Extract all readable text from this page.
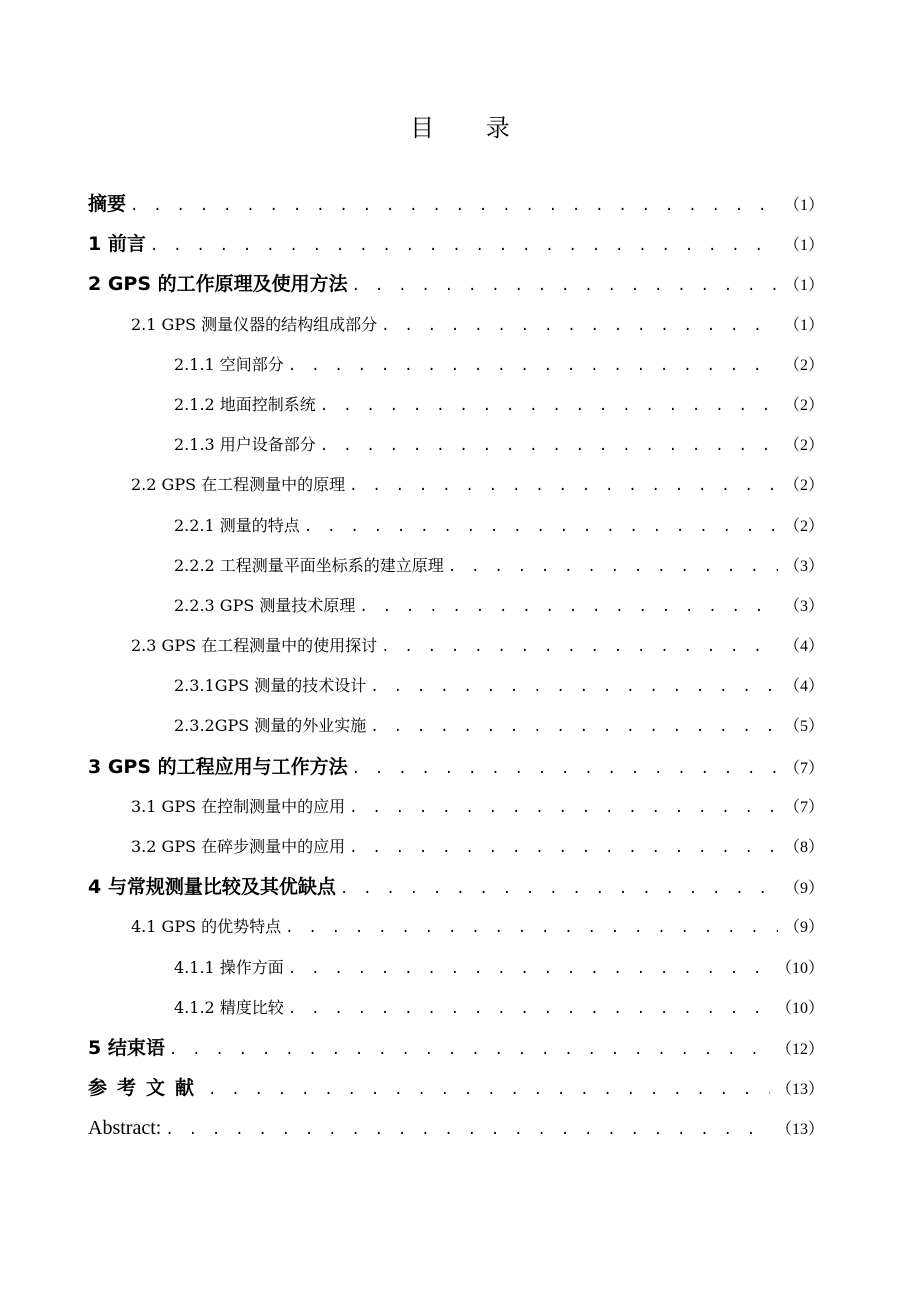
目 录
摘要 . . .	（1）
1 前言 . . .	（1）
2 GPS 的工作原理及使用方法 . . .	（1）
2.1 GPS 测量仪器的结构组成部分 . . .	（1）
2.1.1 空间部分 . . .	（2）
2.1.2 地面控制系统 . . .	（2）
2.1.3 用户设备部分 . . .	（2）
2.2 GPS 在工程测量中的原理 . . .	（2）
2.2.1 测量的特点 . . .	（2）
2.2.2 工程测量平面坐标系的建立原理 . . .	（3）
2.2.3 GPS 测量技术原理 . . .	（3）
2.3 GPS 在工程测量中的使用探讨 . . .	（4）
2.3.1GPS 测量的技术设计 . . .	（4）
2.3.2GPS 测量的外业实施 . . .	（5）
3 GPS 的工程应用与工作方法 . . .	（7）
3.1 GPS 在控制测量中的应用 . . .	（7）
3.2 GPS 在碎步测量中的应用 . . .	（8）
4 与常规测量比较及其优缺点 . . .	（9）
4.1 GPS 的优势特点 . . .	（9）
4.1.1 操作方面 . . .	（10）
4.1.2 精度比较 . . .	（10）
5 结束语 . . .	（12）
参考文献 . . .	（13）
Abstract: . . .	（13）
